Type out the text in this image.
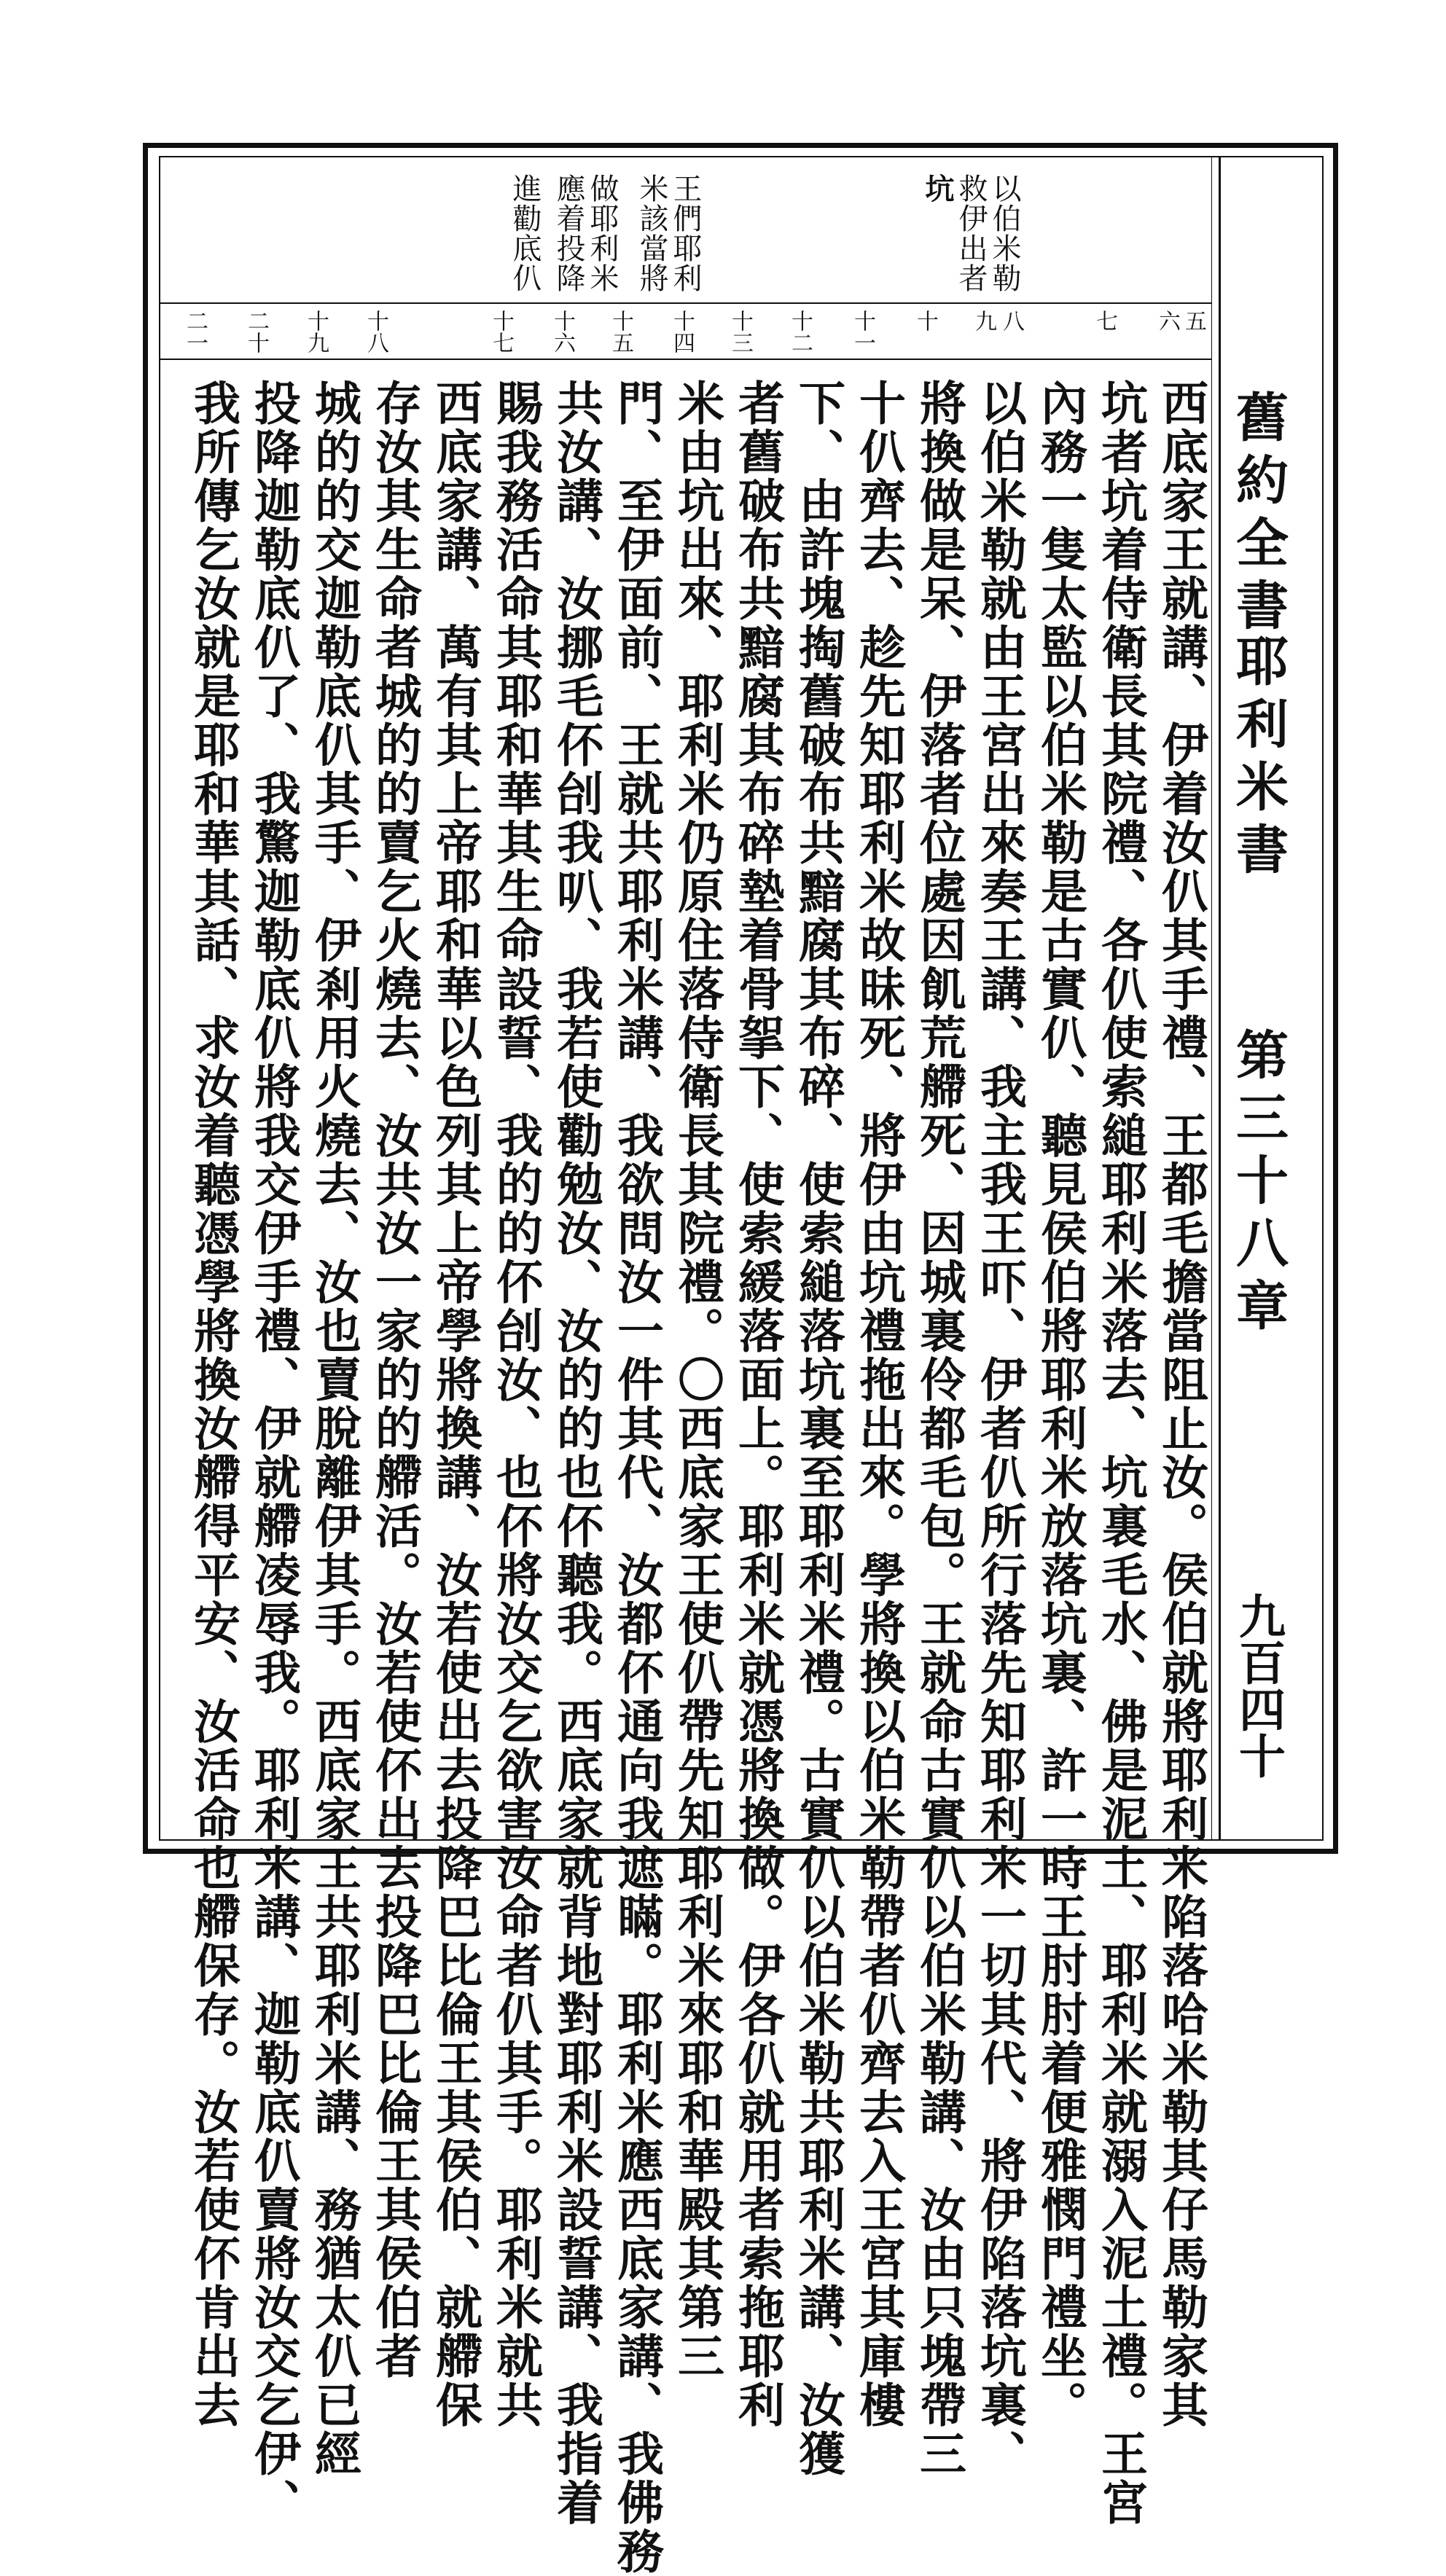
舊約全書
耶利米書
第三十八章
九百四十
以伯米勒
救伊出者
坑
王們耶利
米該當將
做耶利米
應着投降
進勸底仈
五
六
七
八
九
十
十一
十二
十三
十四
十五
十六
十七
十八
十九
二十
二一
西底家王就講、伊着汝仈其手禮、王都毛擔當阻止汝。侯伯就將耶利米陷落哈米勒其仔馬勒家其
坑者坑着侍衛長其院禮、各仈使索縋耶利米落去、坑裏毛水、佛是泥土、耶利米就溺入泥土禮。王宮
內務一隻太監以伯米勒是古實仈、聽見侯伯將耶利米放落坑裏、許一時王肘肘着便雅憫門禮坐。
以伯米勒就由王宮出來奏王講、我主我王吓、伊者仈所行落先知耶利米一切其代、將伊陷落坑裏、
將換做是呆、伊落者位處因飢荒艜死、因城裏伶都毛包。王就命古實仈以伯米勒講、汝由只塊帶三
十仈齊去、趁先知耶利米故昧死、將伊由坑禮拖出來。學將換以伯米勒帶者仈齊去入王宮其庫樓
下、由許塊掏舊破布共黯腐其布碎、使索縋落坑裏至耶利米禮。古實仈以伯米勒共耶利米講、汝獲
者舊破布共黯腐其布碎墊着骨挐下、使索緩落面上。耶利米就憑將換做。伊各仈就用者索拖耶利
米由坑出來、耶利米仍原住落侍衛長其院禮。〇西底家王使仈帶先知耶利米來耶和華殿其第三
門、至伊面前、王就共耶利米講、我欲問汝一件其代、汝都伓通向我遮瞞。耶利米應西底家講、我佛務
共汝講、汝挪毛伓刣我叭、我若使勸勉汝、汝的的也伓聽我。西底家就背地對耶利米設誓講、我指着
賜我務活命其耶和華其生命設誓、我的的伓刣汝、也伓將汝交乞欲害汝命者仈其手。耶利米就共
西底家講、萬有其上帝耶和華以色列其上帝學將換講、汝若使出去投降巴比倫王其侯伯、就艜保
存汝其生命者城的的賣乞火燒去、汝共汝一家的的艜活。汝若使伓出去投降巴比倫王其侯伯者
城的的交迦勒底仈其手、伊剎用火燒去、汝也賣脫離伊其手。西底家王共耶利米講、務猶太仈已經
投降迦勒底仈了、我驚迦勒底仈將我交伊手禮、伊就艜凌辱我。耶利米講、迦勒底仈賣將汝交乞伊、
我所傳乞汝就是耶和華其話、求汝着聽憑學將換汝艜得平安、汝活命也艜保存。汝若使伓肯出去
